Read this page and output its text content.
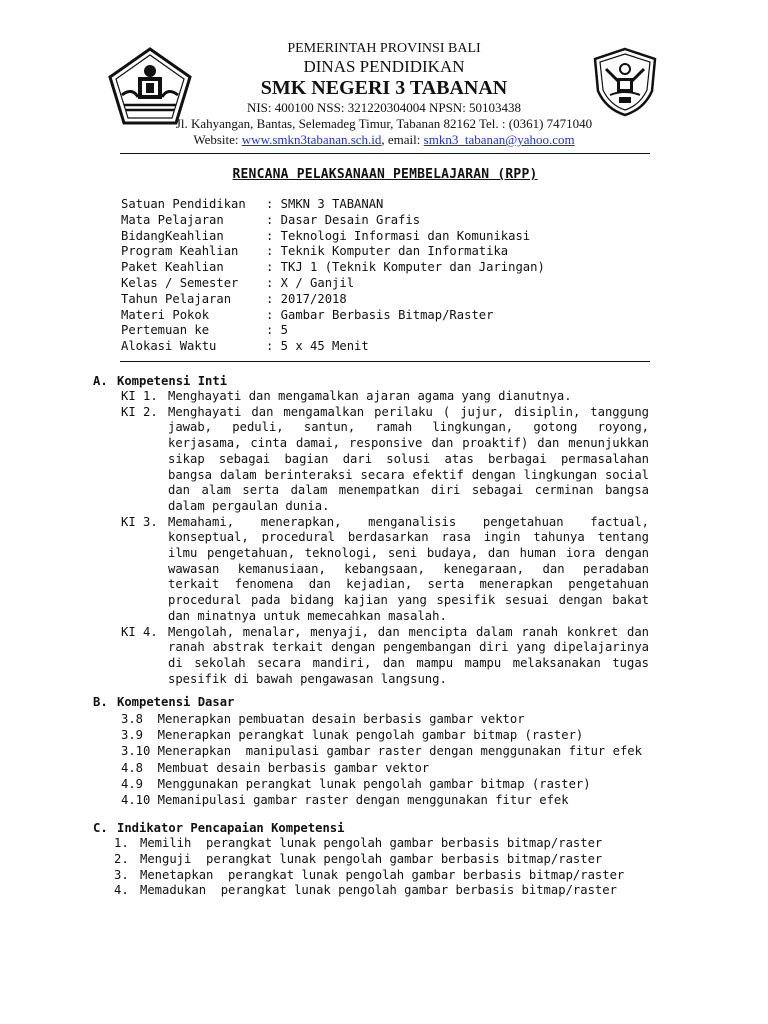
PEMERINTAH PROVINSI BALI
DINAS PENDIDIKAN
SMK NEGERI 3 TABANAN
NIS: 400100 NSS: 321220304004 NPSN: 50103438
Jl. Kahyangan, Bantas, Selemadeg Timur, Tabanan 82162 Tel. : (0361) 7471040
Website: www.smkn3tabanan.sch.id, email: smkn3_tabanan@yahoo.com
RENCANA PELAKSANAAN PEMBELAJARAN (RPP)
Satuan Pendidikan : SMKN 3 TABANAN
Mata Pelajaran	: Dasar Desain Grafis
BidangKeahlian	: Teknologi Informasi dan Komunikasi
Program Keahlian : Teknik Komputer dan Informatika
Paket Keahlian	: TKJ 1 (Teknik Komputer dan Jaringan)
Kelas / Semester : X / Ganjil
Tahun Pelajaran	: 2017/2018
Materi Pokok	: Gambar Berbasis Bitmap/Raster
Pertemuan ke	: 5
Alokasi Waktu	: 5 x 45 Menit
A. Kompetensi Inti
KI 1. Menghayati dan mengamalkan ajaran agama yang dianutnya.
KI 2. Menghayati dan mengamalkan perilaku ( jujur, disiplin, tanggung jawab, peduli, santun, ramah lingkungan, gotong royong, kerjasama, cinta damai, responsive dan proaktif) dan menunjukkan sikap sebagai bagian dari solusi atas berbagai permasalahan bangsa dalam berinteraksi secara efektif dengan lingkungan social dan alam serta dalam menempatkan diri sebagai cerminan bangsa dalam pergaulan dunia.
KI 3. Memahami, menerapkan, menganalisis pengetahuan factual, konseptual, procedural berdasarkan rasa ingin tahunya tentang ilmu pengetahuan, teknologi, seni budaya, dan human iora dengan wawasan kemanusiaan, kebangsaan, kenegaraan, dan peradaban terkait fenomena dan kejadian, serta menerapkan pengetahuan procedural pada bidang kajian yang spesifik sesuai dengan bakat dan minatnya untuk memecahkan masalah.
KI 4. Mengolah, menalar, menyaji, dan mencipta dalam ranah konkret dan ranah abstrak terkait dengan pengembangan diri yang dipelajarinya di sekolah secara mandiri, dan mampu mampu melaksanakan tugas spesifik di bawah pengawasan langsung.
B. Kompetensi Dasar
3.8  Menerapkan pembuatan desain berbasis gambar vektor
3.9  Menerapkan perangkat lunak pengolah gambar bitmap (raster)
3.10 Menerapkan  manipulasi gambar raster dengan menggunakan fitur efek
4.8  Membuat desain berbasis gambar vektor
4.9  Menggunakan perangkat lunak pengolah gambar bitmap (raster)
4.10 Memanipulasi gambar raster dengan menggunakan fitur efek
C. Indikator Pencapaian Kompetensi
1. Memilih  perangkat lunak pengolah gambar berbasis bitmap/raster
2. Menguji  perangkat lunak pengolah gambar berbasis bitmap/raster
3. Menetapkan  perangkat lunak pengolah gambar berbasis bitmap/raster
4. Memadukan  perangkat lunak pengolah gambar berbasis bitmap/raster
